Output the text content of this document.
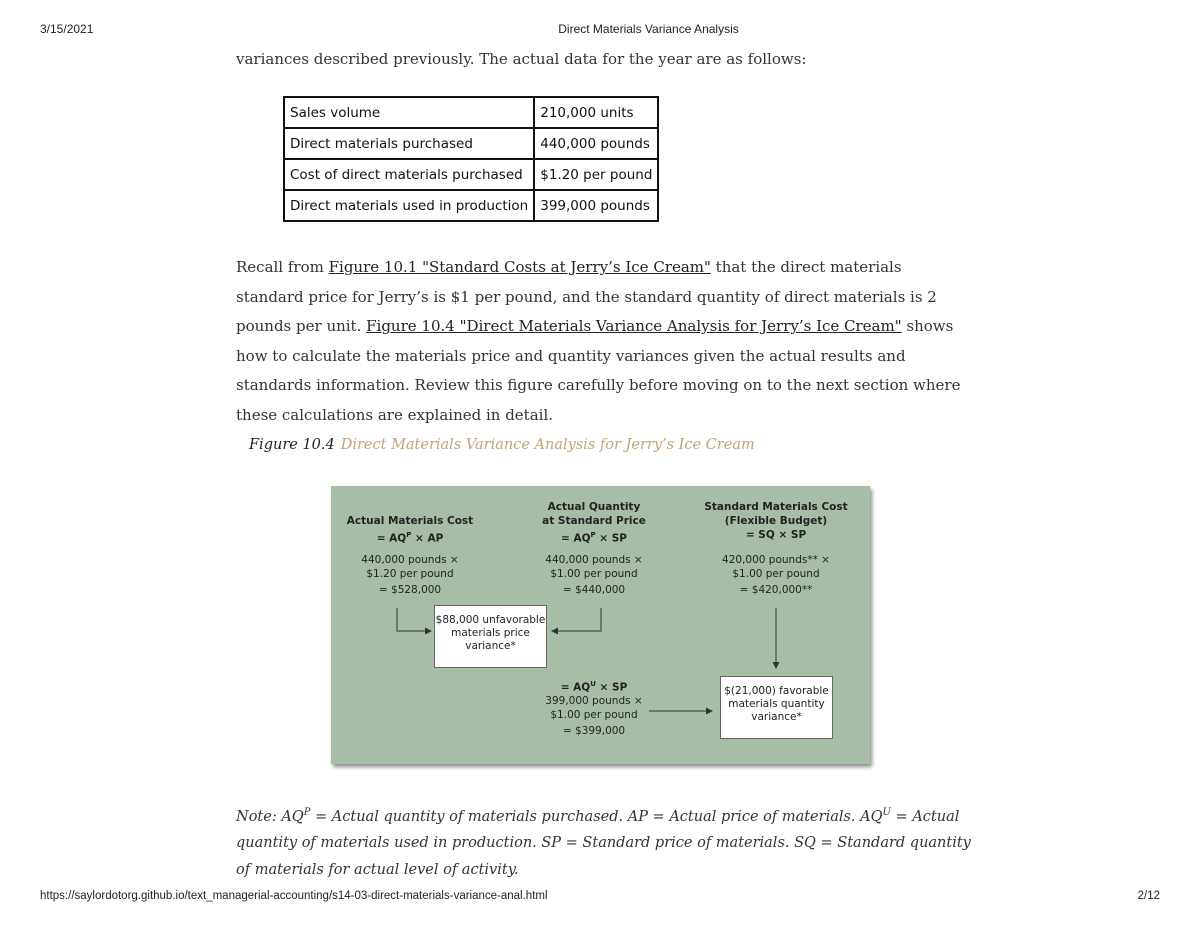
3/15/2021	Direct Materials Variance Analysis
variances described previously. The actual data for the year are as follows:
Sales volume	210,000 units
Direct materials purchased	440,000 pounds
Cost of direct materials purchased	$1.20 per pound
Direct materials used in production	399,000 pounds
Recall from Figure 10.1 "Standard Costs at Jerry’s Ice Cream" that the direct materials standard price for Jerry’s is $1 per pound, and the standard quantity of direct materials is 2 pounds per unit. Figure 10.4 "Direct Materials Variance Analysis for Jerry’s Ice Cream" shows how to calculate the materials price and quantity variances given the actual results and standards information. Review this figure carefully before moving on to the next section where these calculations are explained in detail.
Figure 10.4 Direct Materials Variance Analysis for Jerry’s Ice Cream
Actual Materials Cost
= $AQ^P$ × AP
440,000 pounds ×
$1.20 per pound
= $528,000
Actual Quantity
at Standard Price
= $AQ^P$ × SP
440,000 pounds ×
$1.00 per pound
= $440,000
Standard Materials Cost
(Flexible Budget)
= SQ × SP
420,000 pounds** ×
$1.00 per pound
= $420,000**
$88,000 unfavorable
materials price
variance*
= $AQ^U$ × SP
399,000 pounds ×
$1.00 per pound
= $399,000
$(21,000) favorable
materials quantity
variance*
Note: $AQ^P$ = Actual quantity of materials purchased. AP = Actual price of materials. $AQ^U$ = Actual quantity of materials used in production. SP = Standard price of materials. SQ = Standard quantity of materials for actual level of activity.
https://saylordotorg.github.io/text_managerial-accounting/s14-03-direct-materials-variance-anal.html	2/12
